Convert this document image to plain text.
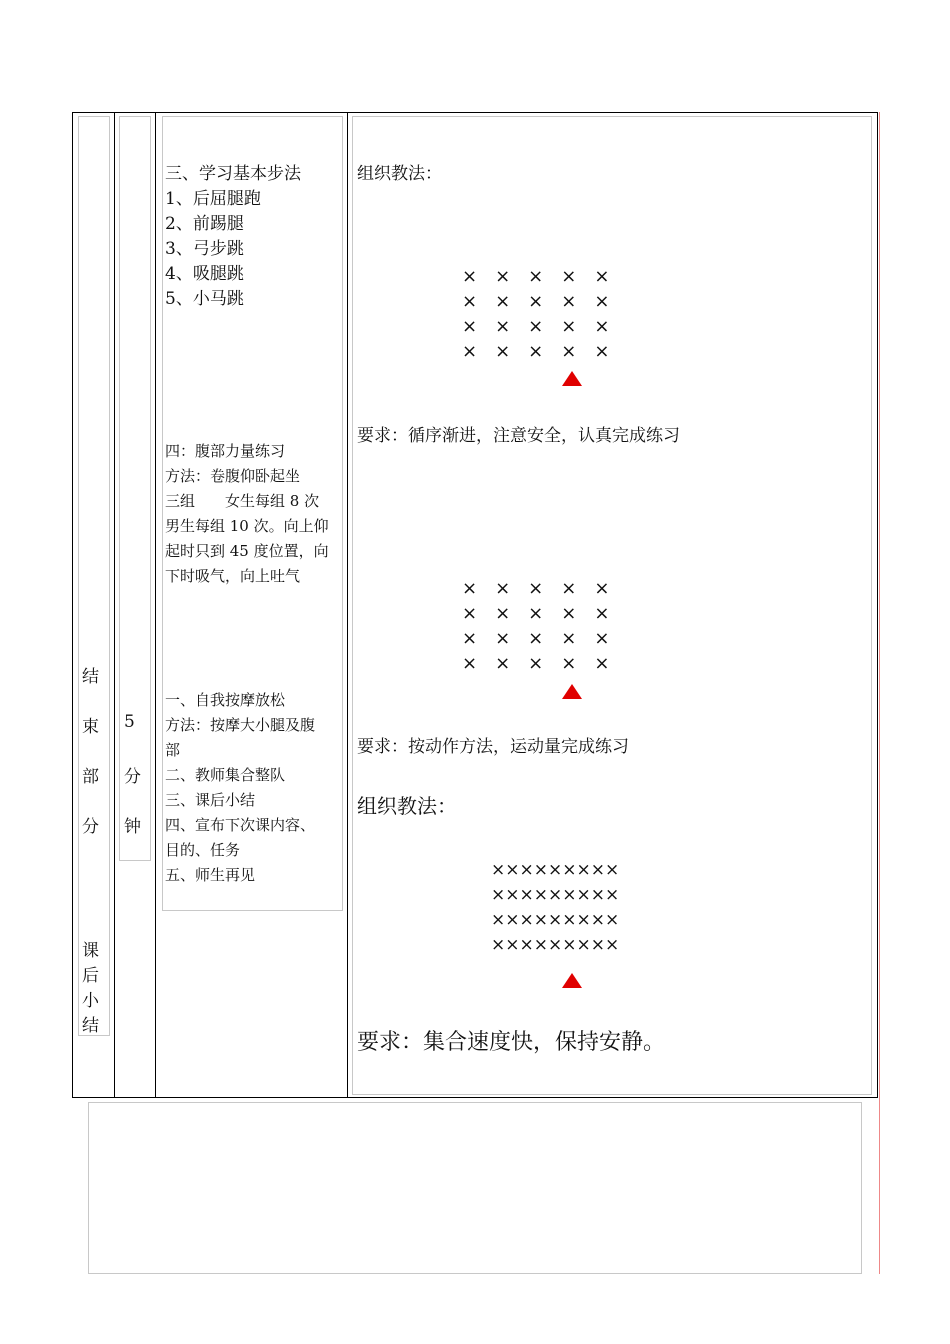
结
束
部
分
课
后
小
结
5
分
钟
三、学习基本步法
1、后屈腿跑
2、前踢腿
3、弓步跳
4、吸腿跳
5、小马跳
四：腹部力量练习
方法：卷腹仰卧起坐
三组　　女生每组 8 次
男生每组 10 次。向上仰
起时只到 45 度位置，向
下时吸气，向上吐气
一、自我按摩放松
方法：按摩大小腿及腹
部
二、教师集合整队
三、课后小结
四、宣布下次课内容、
目的、任务
五、师生再见
组织教法：
×　×　×　×　×
×　×　×　×　×
×　×　×　×　×
×　×　×　×　×
要求：循序渐进，注意安全，认真完成练习
×　×　×　×　×
×　×　×　×　×
×　×　×　×　×
×　×　×　×　×
要求：按动作方法，运动量完成练习
组织教法：
×××××××××
×××××××××
×××××××××
×××××××××
要求：集合速度快，保持安静。
